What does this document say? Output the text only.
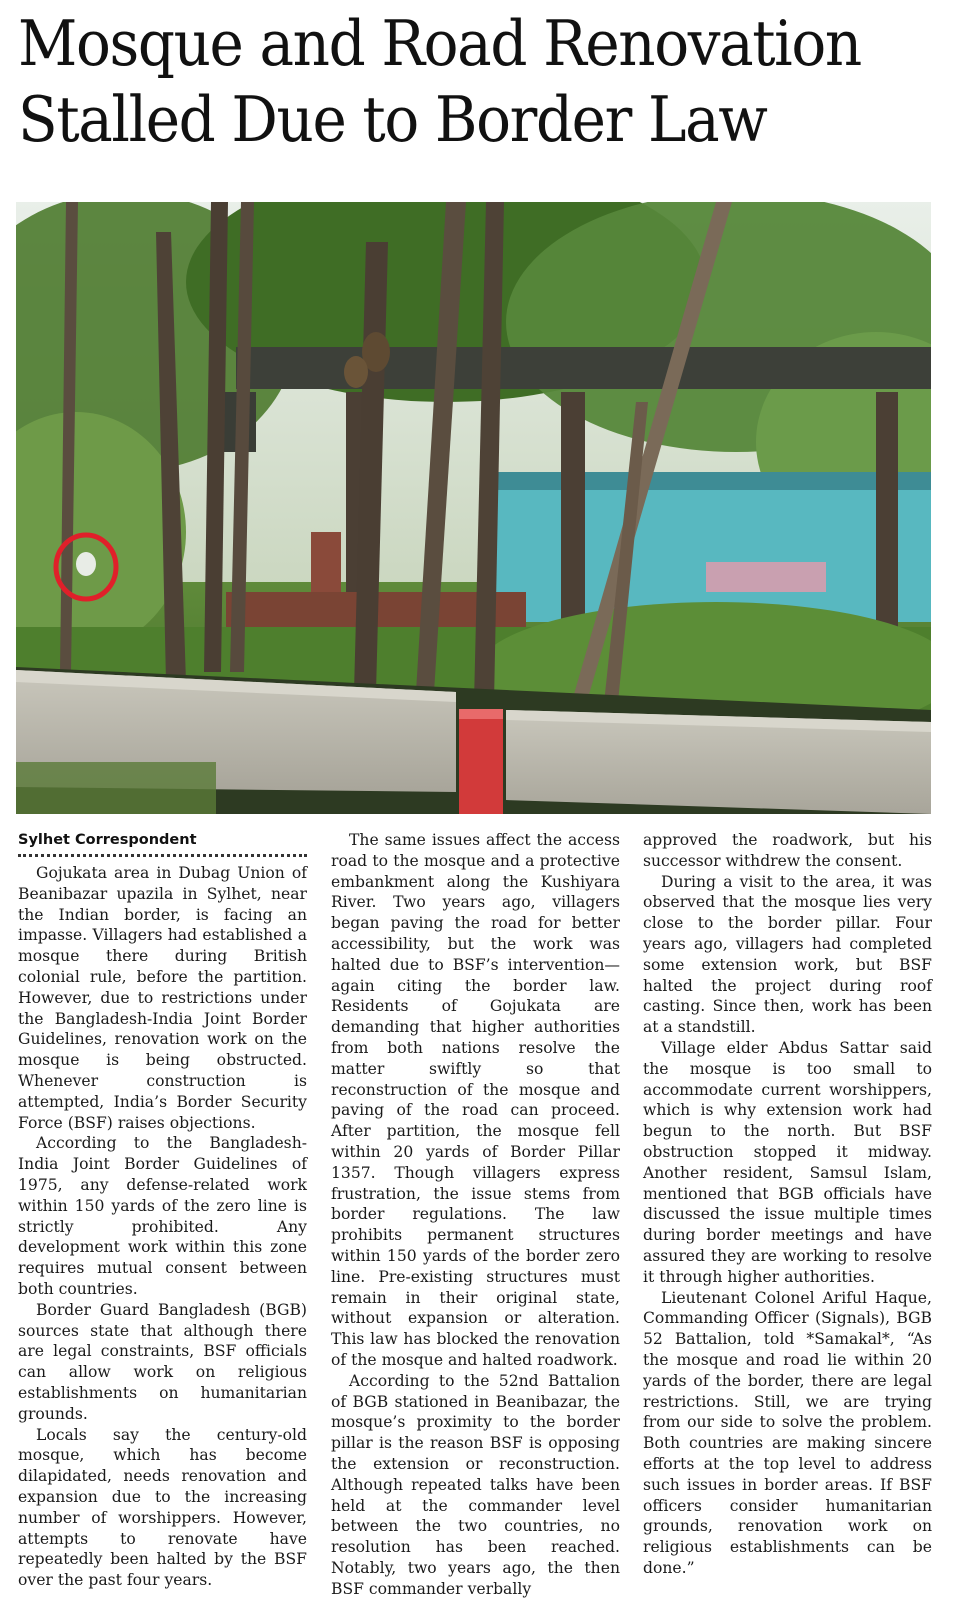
Mosque and Road Renovation
Stalled Due to Border Law
Sylhet Correspondent

Gojukata area in Dubag Union of Beanibazar upazila in Sylhet, near the Indian border, is facing an impasse. Villagers had established a mosque there during British colonial rule, before the partition. However, due to restrictions under the Bangladesh-India Joint Border Guidelines, renovation work on the mosque is being obstructed. Whenever construction is attempted, India’s Border Security Force (BSF) raises objections.

According to the Bangladesh-India Joint Border Guidelines of 1975, any defense-related work within 150 yards of the zero line is strictly prohibited. Any development work within this zone requires mutual consent between both countries.

Border Guard Bangladesh (BGB) sources state that although there are legal constraints, BSF officials can allow work on religious establishments on humanitarian grounds.

Locals say the century-old mosque, which has become dilapidated, needs renovation and expansion due to the increasing number of worshippers. However, attempts to renovate have repeatedly been halted by the BSF over the past four years.

The same issues affect the access road to the mosque and a protective embankment along the Kushiyara River. Two years ago, villagers began paving the road for better accessibility, but the work was halted due to BSF’s intervention—again citing the border law. Residents of Gojukata are demanding that higher authorities from both nations resolve the matter swiftly so that reconstruction of the mosque and paving of the road can proceed. After partition, the mosque fell within 20 yards of Border Pillar 1357. Though villagers express frustration, the issue stems from border regulations. The law prohibits permanent structures within 150 yards of the border zero line. Pre-existing structures must remain in their original state, without expansion or alteration. This law has blocked the renovation of the mosque and halted roadwork.

According to the 52nd Battalion of BGB stationed in Beanibazar, the mosque’s proximity to the border pillar is the reason BSF is opposing the extension or reconstruction. Although repeated talks have been held at the commander level between the two countries, no resolution has been reached. Notably, two years ago, the then BSF commander verbally

approved the roadwork, but his successor withdrew the consent.

During a visit to the area, it was observed that the mosque lies very close to the border pillar. Four years ago, villagers had completed some extension work, but BSF halted the project during roof casting. Since then, work has been at a standstill.

Village elder Abdus Sattar said the mosque is too small to accommodate current worshippers, which is why extension work had begun to the north. But BSF obstruction stopped it midway. Another resident, Samsul Islam, mentioned that BGB officials have discussed the issue multiple times during border meetings and have assured they are working to resolve it through higher authorities.

Lieutenant Colonel Ariful Haque, Commanding Officer (Signals), BGB 52 Battalion, told *Samakal*, “As the mosque and road lie within 20 yards of the border, there are legal restrictions. Still, we are trying from our side to solve the problem. Both countries are making sincere efforts at the top level to address such issues in border areas. If BSF officers consider humanitarian grounds, renovation work on religious establishments can be done.”
